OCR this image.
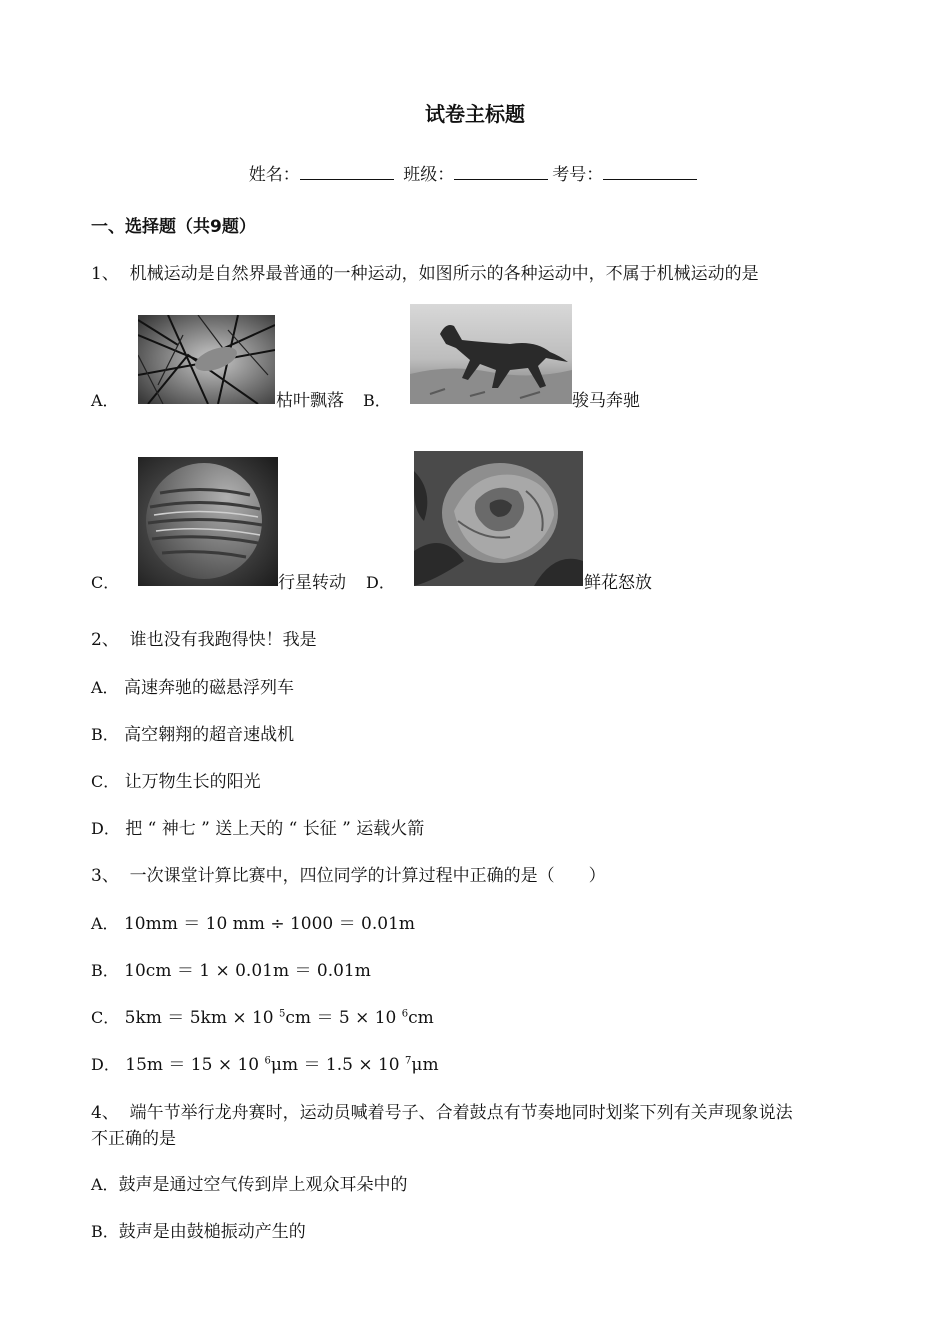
试卷主标题
姓名：	班级：	考号：
一、选择题（共9题）
1、 机械运动是自然界最普通的一种运动，如图所示的各种运动中，不属于机械运动的是
A．	枯叶飘落 B．	骏马奔驰
C．	行星转动 D．	鲜花怒放
2、 谁也没有我跑得快！我是
A． 高速奔驰的磁悬浮列车
B． 高空翱翔的超音速战机
C． 让万物生长的阳光
D． 把 “ 神七 ” 送上天的 “ 长征 ” 运载火箭
3、 一次课堂计算比赛中，四位同学的计算过程中正确的是（　　）
A． 10mm ＝ 10 mm ÷ 1000 ＝ 0.01m
B． 10cm ＝ 1 × 0.01m ＝ 0.01m
C． 5km ＝ 5km × 10 $^5$cm ＝ 5 × 10 $^6$cm
D． 15m ＝ 15 × 10 $^6$μm ＝ 1.5 × 10 $^7$μm
4、 端午节举行龙舟赛时，运动员喊着号子、合着鼓点有节奏地同时划桨下列有关声现象说法
不正确的是
A．鼓声是通过空气传到岸上观众耳朵中的
B．鼓声是由鼓槌振动产生的
